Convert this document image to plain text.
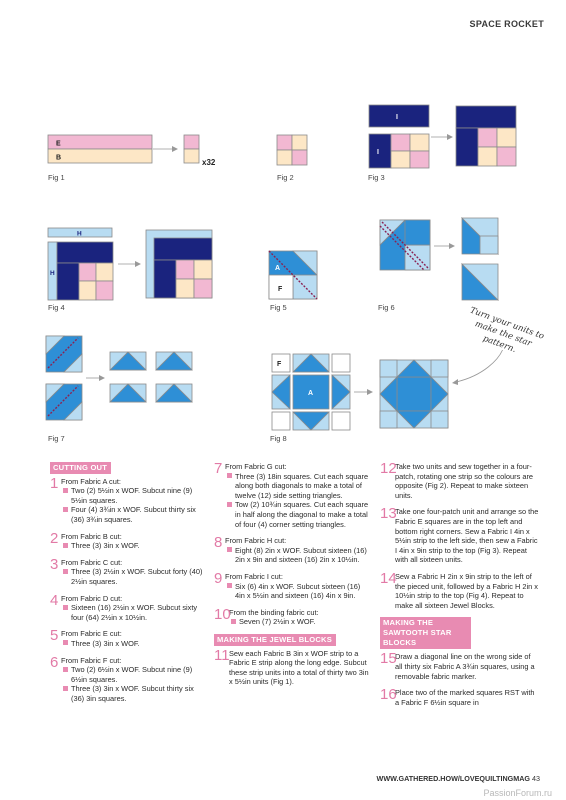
SPACE ROCKET
E
B	x32
Fig 1	Fig 2
I
I
Fig 3
H
H
Fig 4
A
F
Fig 5	Fig 6
Fig 7
F
A
Fig 8
Turn your units to make the star pattern.
CUTTING OUT
1 From Fabric A cut:
Two (2) 5½in x WOF. Subcut nine (9) 5½in squares.
Four (4) 3¾in x WOF. Subcut thirty six (36) 3¾in squares.
2 From Fabric B cut:
Three (3) 3in x WOF.
3 From Fabric C cut:
Three (3) 2½in x WOF. Subcut forty (40) 2½in squares.
4 From Fabric D cut:
Sixteen (16) 2½in x WOF. Subcut sixty four (64) 2½in x 10½in.
5 From Fabric E cut:
Three (3) 3in x WOF.
6 From Fabric F cut:
Two (2) 6½in x WOF. Subcut nine (9) 6½in squares.
Three (3) 3in x WOF. Subcut thirty six (36) 3in squares.
7 From Fabric G cut:
Three (3) 18in squares. Cut each square along both diagonals to make a total of twelve (12) side setting triangles.
Tow (2) 10¾in squares. Cut each square in half along the diagonal to make a total of four (4) corner setting triangles.
8 From Fabric H cut:
Eight (8) 2in x WOF. Subcut sixteen (16) 2in x 9in and sixteen (16) 2in x 10½in.
9 From Fabric I cut:
Six (6) 4in x WOF. Subcut sixteen (16) 4in x 5½in and sixteen (16) 4in x 9in.
10
From the binding fabric cut:
Seven (7) 2½in x WOF.
MAKING THE JEWEL BLOCKS
11 Sew each Fabric B 3in x WOF strip to a Fabric E strip along the long edge. Subcut these strip units into a total of thirty two 3in x 5½in units (Fig 1).
12
Take two units and sew together in a four-patch, rotating one strip so the colours are opposite (Fig 2). Repeat to make sixteen units.
13
Take one four-patch unit and arrange so the Fabric E squares are in the top left and bottom right corners. Sew a Fabric I 4in x 5½in strip to the left side, then sew a Fabric I 4in x 9in strip to the top (Fig 3). Repeat with all sixteen units.
14
Sew a Fabric H 2in x 9in strip to the left of the pieced unit, followed by a Fabric H 2in x 10½in strip to the top (Fig 4). Repeat to make all sixteen Jewel Blocks.
MAKING THE SAWTOOTH STAR BLOCKS
15
Draw a diagonal line on the wrong side of all thirty six Fabric A 3¾in squares, using a removable fabric marker.
16
Place two of the marked squares RST with a Fabric F 6½in square in
WWW.GATHERED.HOW/LOVEQUILTINGMAG 43
PassionForum.ru
